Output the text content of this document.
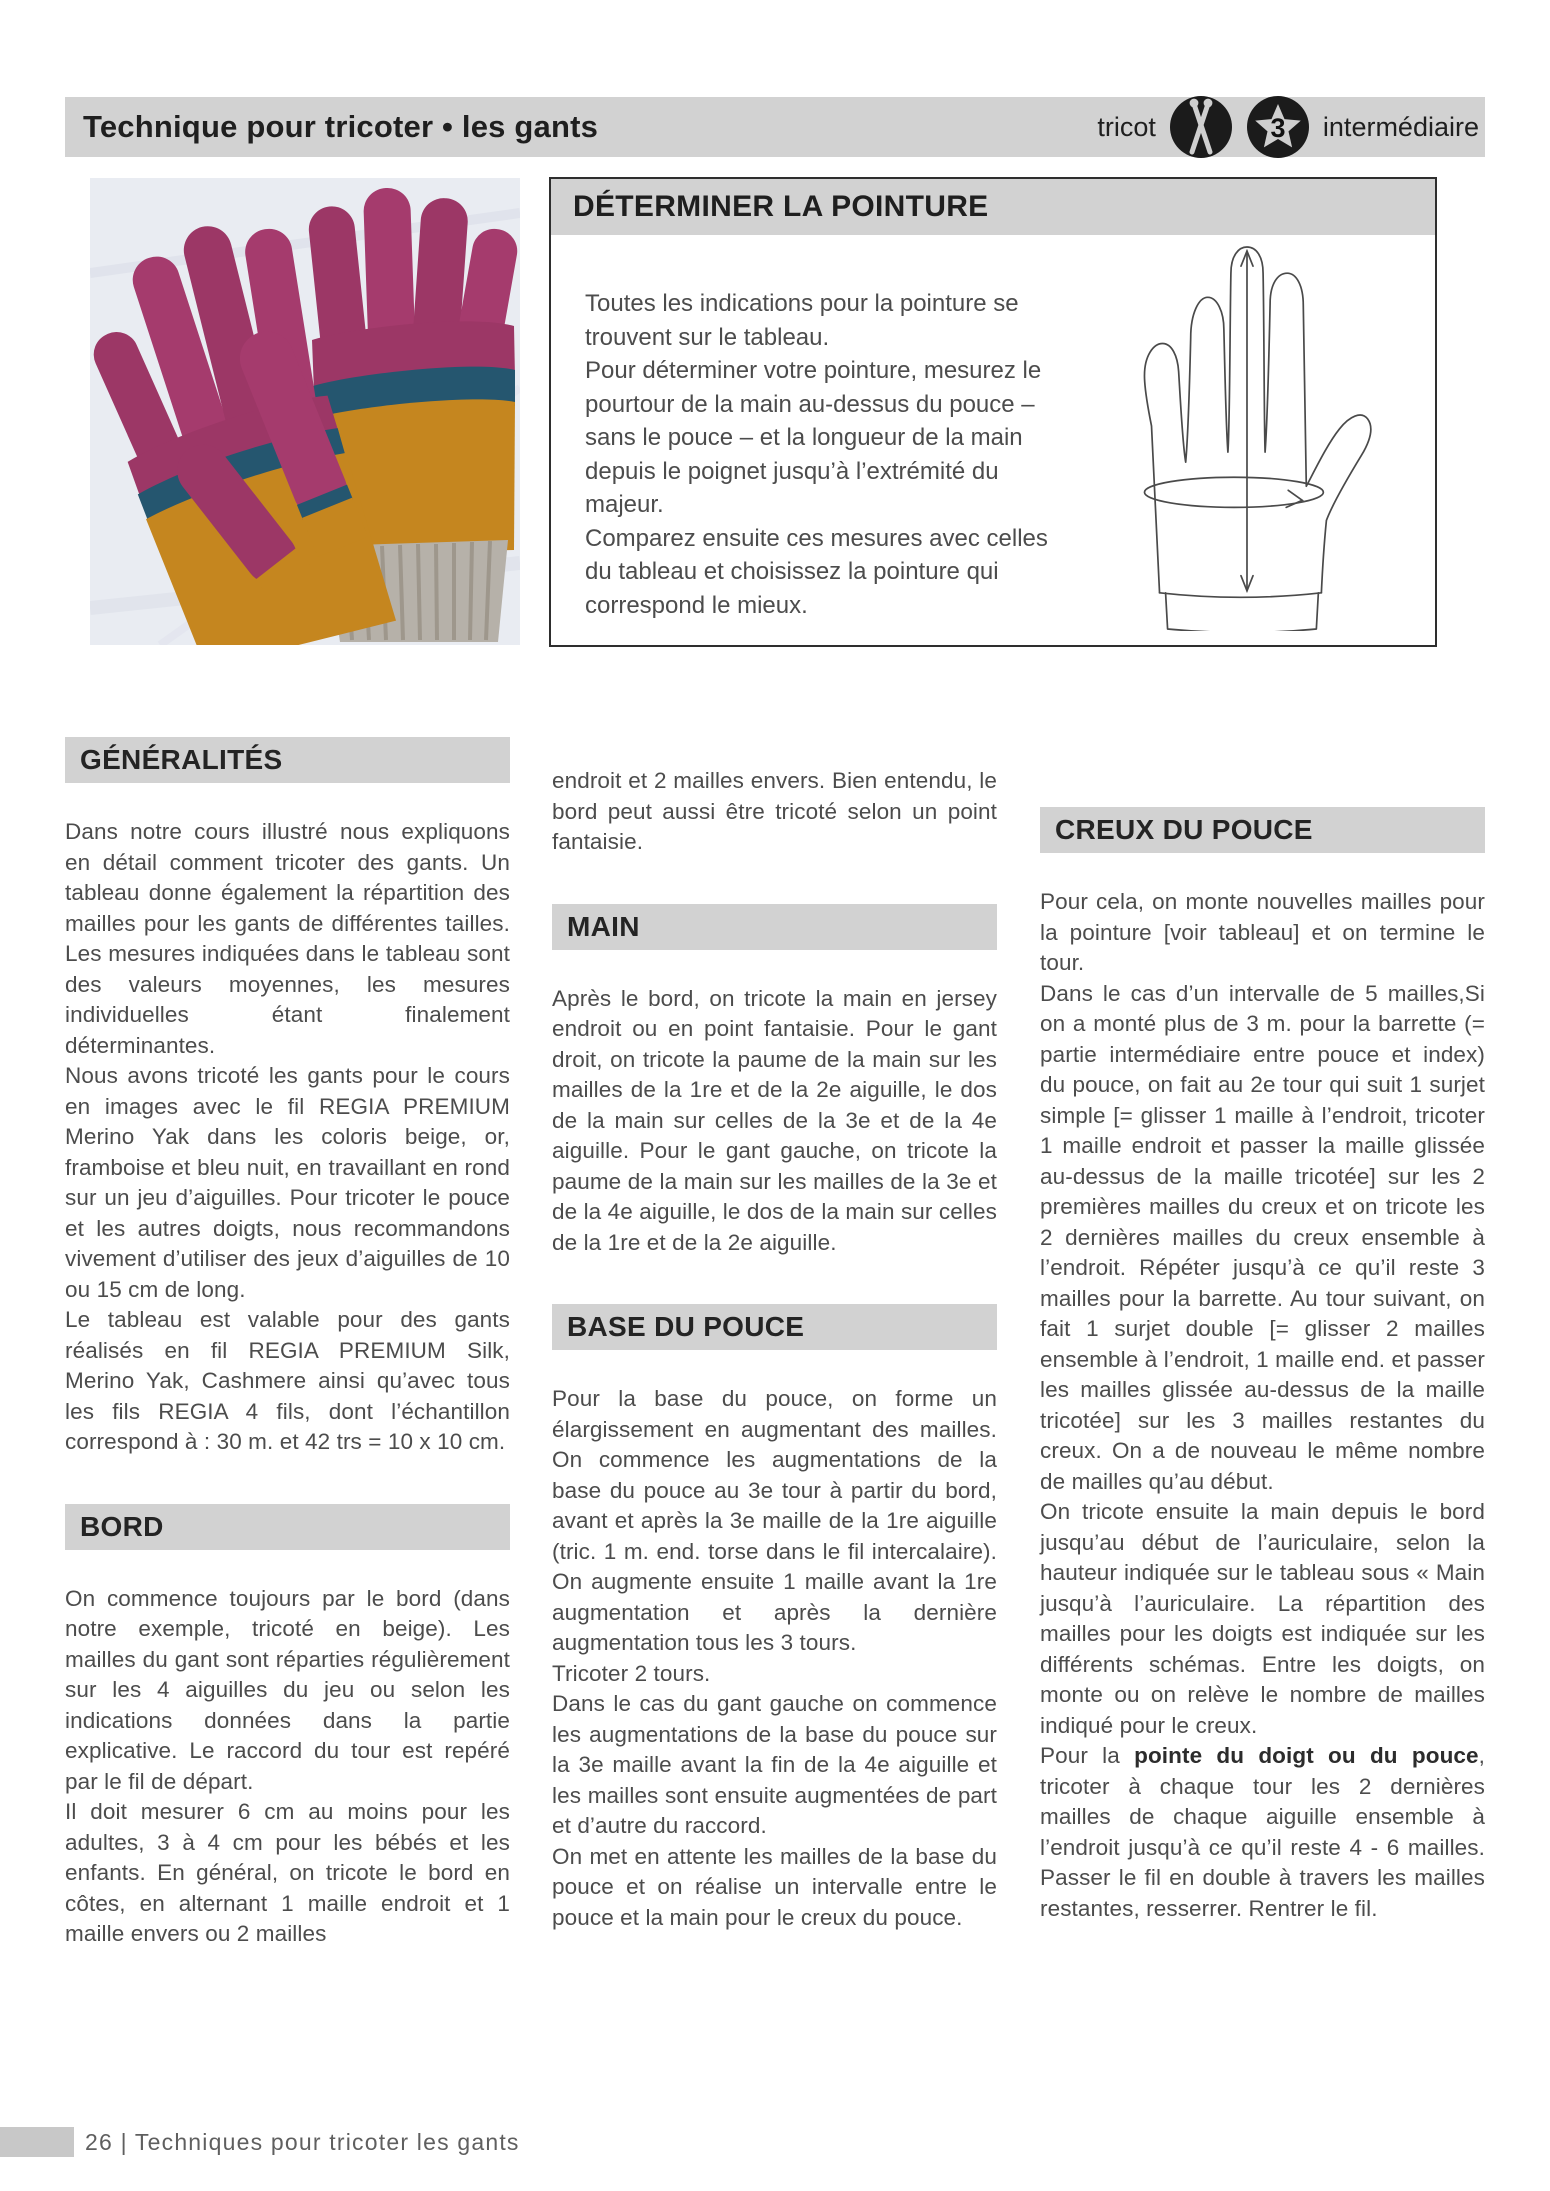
Technique pour tricoter • les gants	tricot	3 intermédiaire
DÉTERMINER LA POINTURE

Toutes les indications pour la pointure se trouvent sur le tableau.

Pour déterminer votre pointure, mesurez le pourtour de la main au-dessus du pouce – sans le pouce – et la longueur de la main depuis le poignet jusqu’à l’extrémité du majeur.

Comparez ensuite ces mesures avec celles du tableau et choisissez la pointure qui correspond le mieux.

GÉNÉRALITÉS

Dans notre cours illustré nous expliquons en détail comment tricoter des gants. Un tableau donne également la répartition des mailles pour les gants de différentes tailles. Les mesures indiquées dans le tableau sont des valeurs moyennes, les mesures individuelles étant finalement déterminantes.

Nous avons tricoté les gants pour le cours en images avec le fil REGIA PREMIUM Merino Yak dans les coloris beige, or, framboise et bleu nuit, en travaillant en rond sur un jeu d’aiguilles. Pour tricoter le pouce et les autres doigts, nous recommandons vivement d’utiliser des jeux d’aiguilles de 10 ou 15 cm de long.

Le tableau est valable pour des gants réalisés en fil REGIA PREMIUM Silk, Merino Yak, Cashmere ainsi qu’avec tous les fils REGIA 4 fils, dont l’échantillon correspond à : 30 m. et 42 trs = 10 x 10 cm.

BORD

On commence toujours par le bord (dans notre exemple, tricoté en beige). Les mailles du gant sont réparties régulièrement sur les 4 aiguilles du jeu ou selon les indications données dans la partie explicative. Le raccord du tour est repéré par le fil de départ.

Il doit mesurer 6 cm au moins pour les adultes, 3 à 4 cm pour les bébés et les enfants. En général, on tricote le bord en côtes, en alternant 1 maille endroit et 1 maille envers ou 2 mailles

endroit et 2 mailles envers. Bien entendu, le bord peut aussi être tricoté selon un point fantaisie.

MAIN

Après le bord, on tricote la main en jersey endroit ou en point fantaisie. Pour le gant droit, on tricote la paume de la main sur les mailles de la 1re et de la 2e aiguille, le dos de la main sur celles de la 3e et de la 4e aiguille. Pour le gant gauche, on tricote la paume de la main sur les mailles de la 3e et de la 4e aiguille, le dos de la main sur celles de la 1re et de la 2e aiguille.

BASE DU POUCE

Pour la base du pouce, on forme un élargissement en augmentant des mailles. On commence les augmentations de la base du pouce au 3e tour à partir du bord, avant et après la 3e maille de la 1re aiguille (tric. 1 m. end. torse dans le fil intercalaire). On augmente ensuite 1 maille avant la 1re augmentation et après la dernière augmentation tous les 3 tours.

Tricoter 2 tours.

Dans le cas du gant gauche on commence les augmentations de la base du pouce sur la 3e maille avant la fin de la 4e aiguille et les mailles sont ensuite augmentées de part et d’autre du raccord.

On met en attente les mailles de la base du pouce et on réalise un intervalle entre le pouce et la main pour le creux du pouce.

CREUX DU POUCE

Pour cela, on monte nouvelles mailles pour la pointure [voir tableau] et on termine le tour.

Dans le cas d’un intervalle de 5 mailles,Si on a monté plus de 3 m. pour la barrette (= partie intermédiaire entre pouce et index) du pouce, on fait au 2e tour qui suit 1 surjet simple [= glisser 1 maille à l’endroit, tricoter 1 maille endroit et passer la maille glissée au-dessus de la maille tricotée] sur les 2 premières mailles du creux et on tricote les 2 dernières mailles du creux ensemble à l’endroit. Répéter jusqu’à ce qu’il reste 3 mailles pour la barrette. Au tour suivant, on fait 1 surjet double [= glisser 2 mailles ensemble à l’endroit, 1 maille end. et passer les mailles glissée au-dessus de la maille tricotée] sur les 3 mailles restantes du creux. On a de nouveau le même nombre de mailles qu’au début.

On tricote ensuite la main depuis le bord jusqu’au début de l’auriculaire, selon la hauteur indiquée sur le tableau sous « Main jusqu’à l’auriculaire. La répartition des mailles pour les doigts est indiquée sur les différents schémas. Entre les doigts, on monte ou on relève le nombre de mailles indiqué pour le creux.

Pour la pointe du doigt ou du pouce, tricoter à chaque tour les 2 dernières mailles de chaque aiguille ensemble à l’endroit jusqu’à ce qu’il reste 4 - 6 mailles. Passer le fil en double à travers les mailles restantes, resserrer. Rentrer le fil.

26 | Techniques pour tricoter les gants
